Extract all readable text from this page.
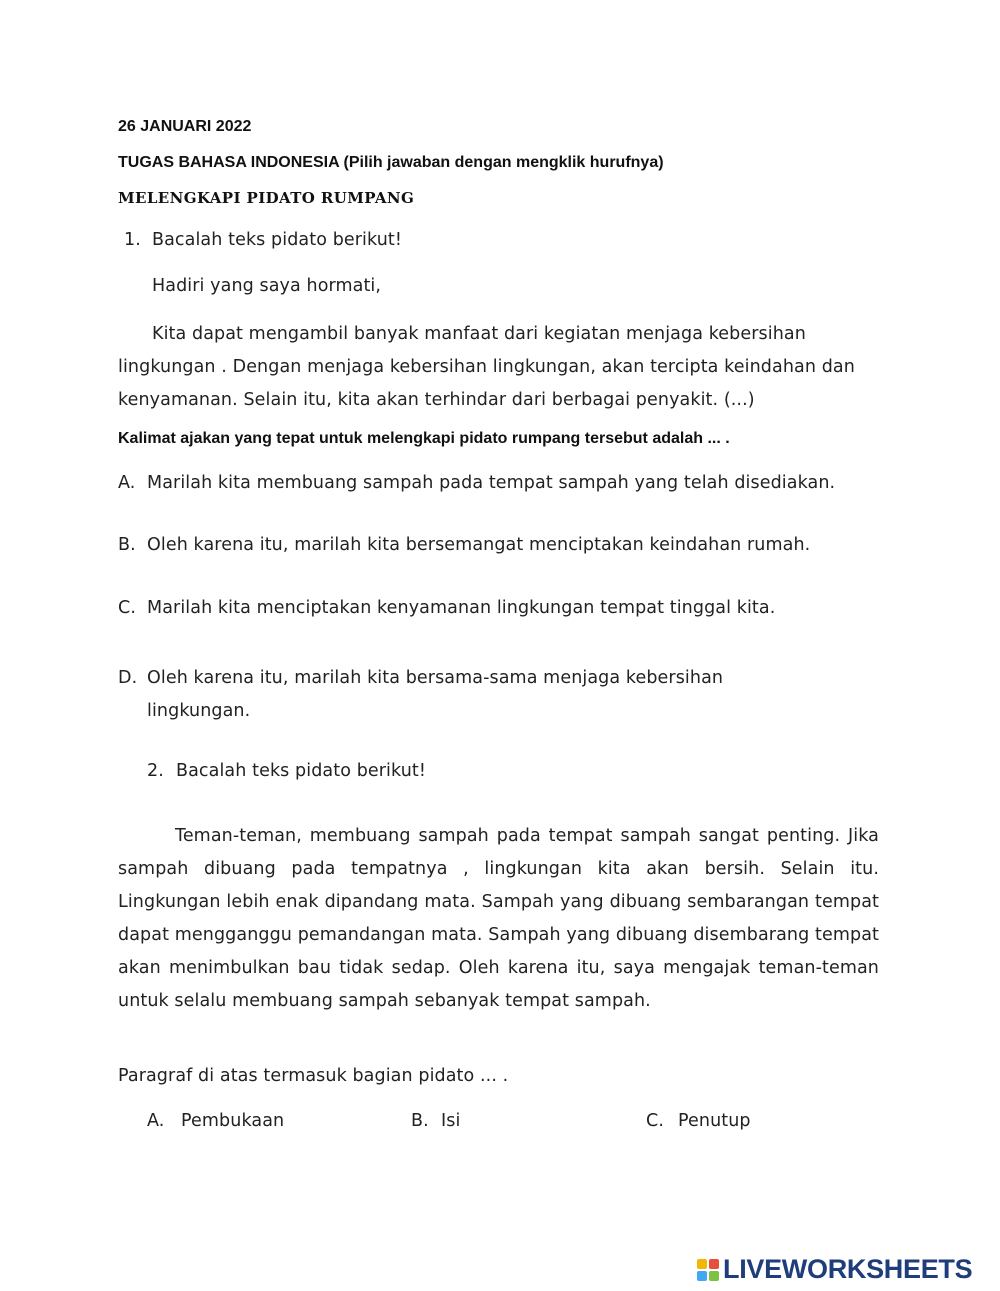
26 JANUARI 2022

TUGAS BAHASA INDONESIA (Pilih jawaban dengan mengklik hurufnya)

MELENGKAPI PIDATO RUMPANG

1. Bacalah teks pidato berikut!
Hadiri yang saya hormati,

Kita dapat mengambil banyak manfaat dari kegiatan menjaga kebersihan lingkungan . Dengan menjaga kebersihan lingkungan, akan tercipta keindahan dan kenyamanan. Selain itu, kita akan terhindar dari berbagai penyakit. (...)

Kalimat ajakan yang tepat untuk melengkapi pidato rumpang tersebut adalah ... .

A. Marilah kita membuang sampah pada tempat sampah yang telah disediakan.
B. Oleh karena itu, marilah kita bersemangat menciptakan keindahan rumah.
C. Marilah kita menciptakan kenyamanan lingkungan tempat tinggal kita.
D. Oleh karena itu, marilah kita bersama-sama menjaga kebersihan
lingkungan.
2. Bacalah teks pidato berikut!

Teman-teman, membuang sampah pada tempat sampah sangat penting. Jika sampah dibuang pada tempatnya , lingkungan kita akan bersih. Selain itu. Lingkungan lebih enak dipandang mata. Sampah yang dibuang sembarangan tempat dapat mengganggu pemandangan mata. Sampah yang dibuang disembarang tempat akan menimbulkan bau tidak sedap. Oleh karena itu, saya mengajak teman-teman untuk selalu membuang sampah sebanyak tempat sampah.

Paragraf di atas termasuk bagian pidato ... .
A. Pembukaan	B. Isi	C. Penutup
LIVEWORKSHEETS
